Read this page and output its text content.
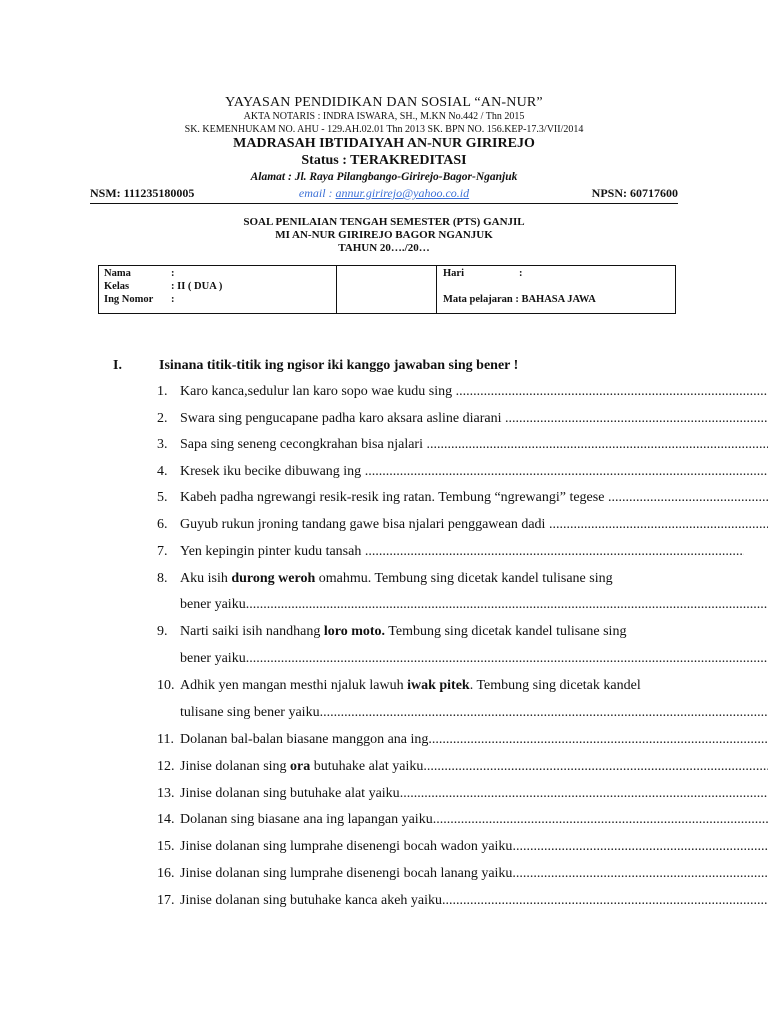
YAYASAN PENDIDIKAN DAN SOSIAL “AN-NUR”
AKTA NOTARIS : INDRA ISWARA, SH., M.KN No.442 / Thn 2015
SK. KEMENHUKAM NO. AHU - 129.AH.02.01 Thn 2013 SK. BPN NO. 156.KEP-17.3/VII/2014
MADRASAH IBTIDAIYAH AN-NUR GIRIREJO
Status : TERAKREDITASI
Alamat : Jl. Raya Pilangbango-Girirejo-Bagor-Nganjuk
NSM: 111235180005	email : annur.girirejo@yahoo.co.id	NPSN: 60717600
SOAL PENILAIAN TENGAH SEMESTER (PTS) GANJIL
MI AN-NUR GIRIREJO BAGOR NGANJUK
TAHUN 20…./20…
Nama	:
Kelas	: II ( DUA )
Ing Nomor :
Hari	:
Mata pelajaran : BAHASA JAWA
I.	Isinana titik-titik ing ngisor iki kanggo jawaban sing bener !
1. Karo kanca,sedulur lan karo sopo wae kudu sing .....
2. Swara sing pengucapane padha karo aksara asline diarani .....
3. Sapa sing seneng cecongkrahan bisa njalari .....
4. Kresek iku becike dibuwang ing .....
5. Kabeh padha ngrewangi resik-resik ing ratan. Tembung “ngrewangi” tegese .....
6. Guyub rukun jroning tandang gawe bisa njalari penggawean dadi .....
7. Yen kepingin pinter kudu tansah .....
8. Aku isih durong weroh omahmu. Tembung sing dicetak kandel tulisane sing
bener yaiku .....
9. Narti saiki isih nandhang loro moto. Tembung sing dicetak kandel tulisane sing
bener yaiku .....
10. Adhik yen mangan mesthi njaluk lawuh iwak pitek. Tembung sing dicetak kandel
tulisane sing bener yaiku .....
11. Dolanan bal-balan biasane manggon ana ing .....
12. Jinise dolanan sing ora butuhake alat yaiku .....
13. Jinise dolanan sing butuhake alat yaiku .....
14. Dolanan sing biasane ana ing lapangan yaiku .....
15. Jinise dolanan sing lumprahe disenengi bocah wadon yaiku .....
16. Jinise dolanan sing lumprahe disenengi bocah lanang yaiku .....
17. Jinise dolanan sing butuhake kanca akeh yaiku .....
